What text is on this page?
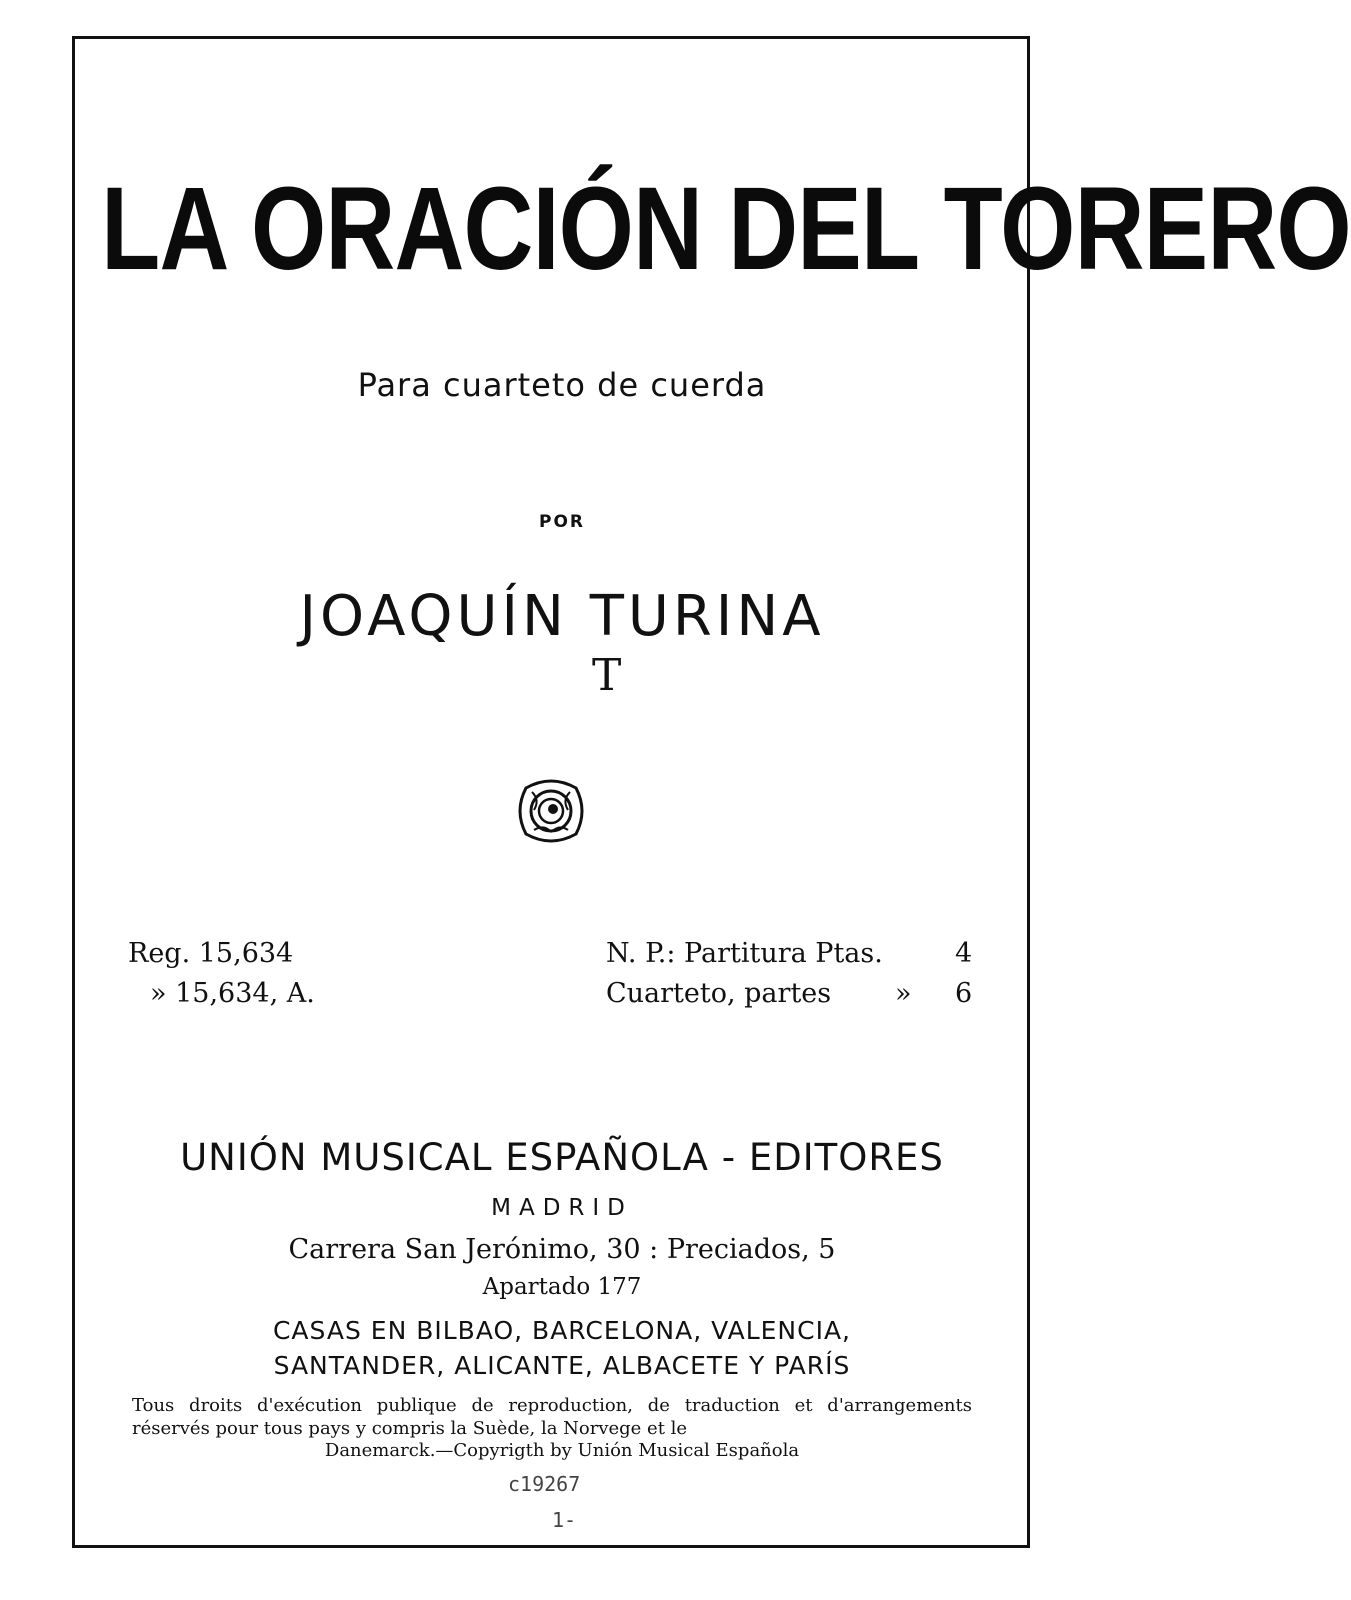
LA ORACIÓN DEL TORERO
Para cuarteto de cuerda
POR
JOAQUÍN TURINA
T
Reg. 15,634
» 15,634, A.
N. P.: Partitura Ptas.	4
Cuarteto, partes » 6
UNIÓN MUSICAL ESPAÑOLA - EDITORES
MADRID
Carrera San Jerónimo, 30 : Preciados, 5
Apartado 177
CASAS EN BILBAO, BARCELONA, VALENCIA,
SANTANDER, ALICANTE, ALBACETE Y PARÍS
Tous droits d'exécution publique de reproduction, de traduction et d'arrangements réservés pour tous pays y compris la Suède, la Norvege et le
Danemarck.—Copyrigth by Unión Musical Española
c19267
1-
